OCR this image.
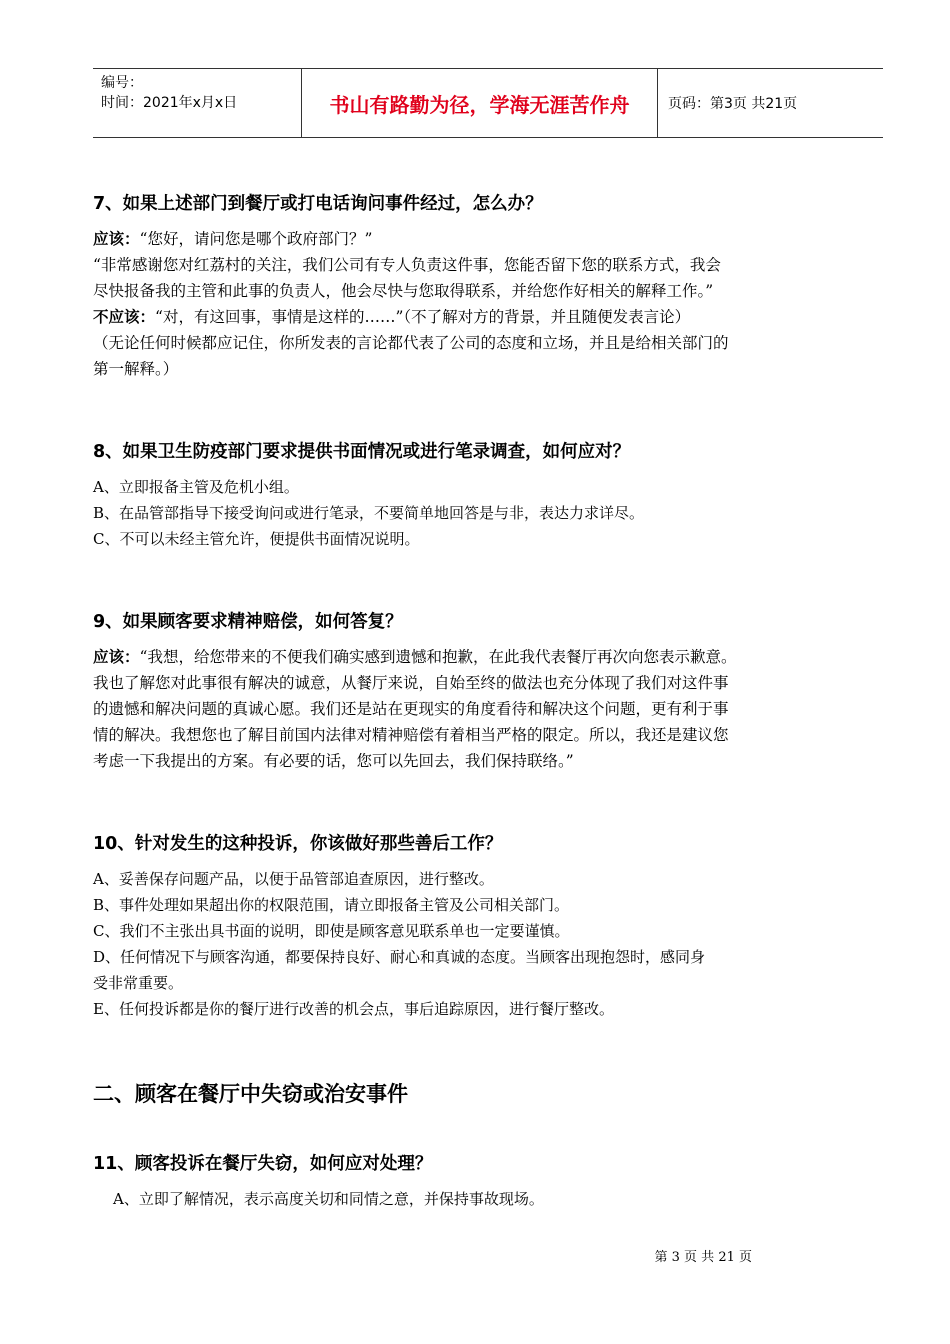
编号：
时间：2021年x月x日	书山有路勤为径，学海无涯苦作舟	页码：第3页 共21页
7、如果上述部门到餐厅或打电话询问事件经过，怎么办？

应该：“您好，请问您是哪个政府部门？”

“非常感谢您对红荔村的关注，我们公司有专人负责这件事，您能否留下您的联系方式，我会

尽快报备我的主管和此事的负责人，他会尽快与您取得联系，并给您作好相关的解释工作。”

不应该：“对，有这回事，事情是这样的……”（不了解对方的背景，并且随便发表言论）

（无论任何时候都应记住，你所发表的言论都代表了公司的态度和立场，并且是给相关部门的

第一解释。）

8、如果卫生防疫部门要求提供书面情况或进行笔录调查，如何应对？

A、立即报备主管及危机小组。

B、在品管部指导下接受询问或进行笔录，不要简单地回答是与非，表达力求详尽。

C、不可以未经主管允许，便提供书面情况说明。

9、如果顾客要求精神赔偿，如何答复？

应该：“我想，给您带来的不便我们确实感到遗憾和抱歉，在此我代表餐厅再次向您表示歉意。

我也了解您对此事很有解决的诚意，从餐厅来说，自始至终的做法也充分体现了我们对这件事

的遗憾和解决问题的真诚心愿。我们还是站在更现实的角度看待和解决这个问题，更有利于事

情的解决。我想您也了解目前国内法律对精神赔偿有着相当严格的限定。所以，我还是建议您

考虑一下我提出的方案。有必要的话，您可以先回去，我们保持联络。”

10、针对发生的这种投诉，你该做好那些善后工作？

A、妥善保存问题产品，以便于品管部追查原因，进行整改。

B、事件处理如果超出你的权限范围，请立即报备主管及公司相关部门。

C、我们不主张出具书面的说明，即使是顾客意见联系单也一定要谨慎。

D、任何情况下与顾客沟通，都要保持良好、耐心和真诚的态度。当顾客出现抱怨时，感同身

受非常重要。

E、任何投诉都是你的餐厅进行改善的机会点，事后追踪原因，进行餐厅整改。

二、顾客在餐厅中失窃或治安事件
11、顾客投诉在餐厅失窃，如何应对处理？

A、立即了解情况，表示高度关切和同情之意，并保持事故现场。

第 3 页 共 21 页
